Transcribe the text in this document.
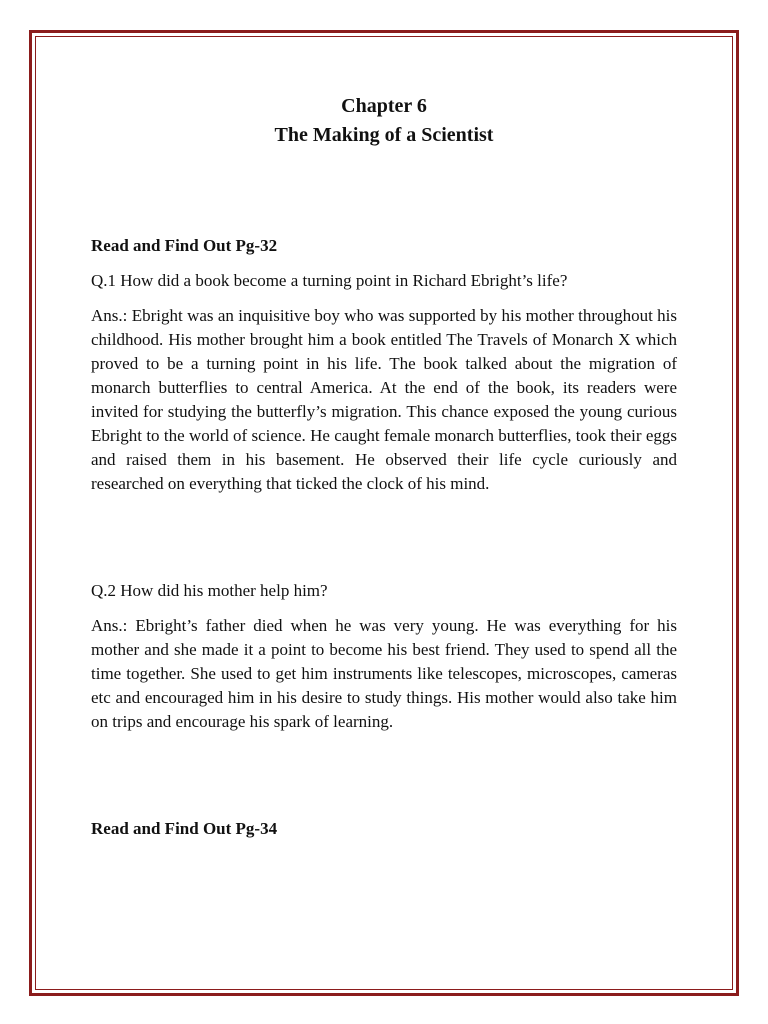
Chapter 6

The Making of a Scientist

Read and Find Out Pg-32

Q.1 How did a book become a turning point in Richard Ebright’s life?

Ans.: Ebright was an inquisitive boy who was supported by his mother throughout his childhood. His mother brought him a book entitled The Travels of Monarch X which proved to be a turning point in his life. The book talked about the migration of monarch butterflies to central America. At the end of the book, its readers were invited for studying the butterfly’s migration. This chance exposed the young curious Ebright to the world of science. He caught female monarch butterflies, took their eggs and raised them in his basement. He observed their life cycle curiously and researched on everything that ticked the clock of his mind.

Q.2 How did his mother help him?

Ans.: Ebright’s father died when he was very young. He was everything for his mother and she made it a point to become his best friend. They used to spend all the time together. She used to get him instruments like telescopes, microscopes, cameras etc and encouraged him in his desire to study things. His mother would also take him on trips and encourage his spark of learning.

Read and Find Out Pg-34
